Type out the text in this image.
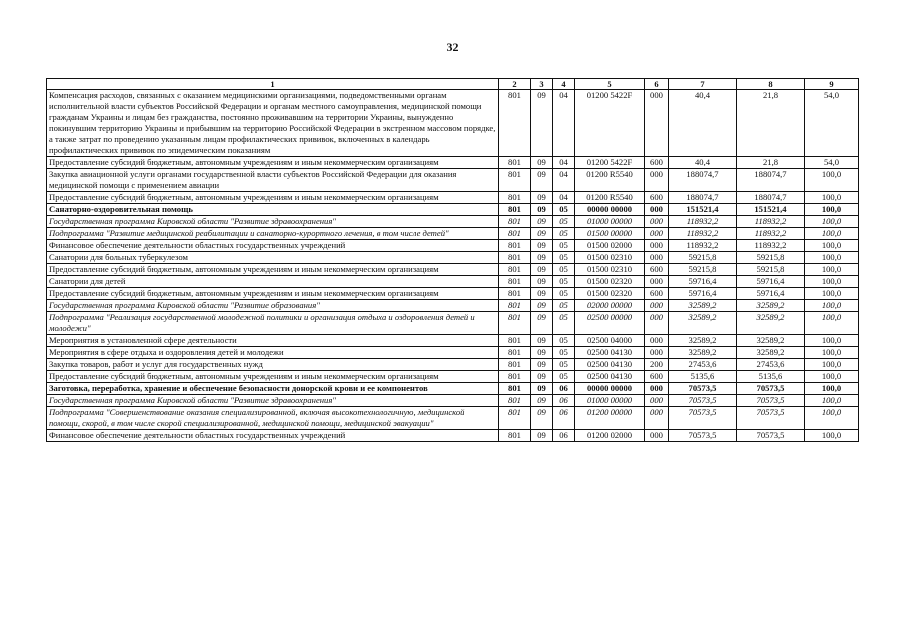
32
1	2	3	4	5	6	7	8	9
Компенсация расходов, связанных с оказанием медицинскими организациями, подведомственными органам исполнительной власти субъектов Российской Федерации и органам местного самоуправления, медицинской помощи гражданам Украины и лицам без гражданства, постоянно проживавшим на территории Украины, вынужденно покинувшим территорию Украины и прибывшим на территорию Российской Федерации в экстренном массовом порядке, а также затрат по проведению указанным лицам профилактических прививок, включенных в календарь профилактических прививок по эпидемическим показаниям	801	09	04	01200 5422F	000	40,4	21,8	54,0
Предоставление субсидий бюджетным, автономным учреждениям и иным некоммерческим организациям	801	09	04	01200 5422F	600	40,4	21,8	54,0
Закупка авиационной услуги органами государственной власти субъектов Российской Федерации для оказания медицинской помощи с применением авиации	801	09	04	01200 R5540	000	188074,7	188074,7	100,0
Предоставление субсидий бюджетным, автономным учреждениям и иным некоммерческим организациям	801	09	04	01200 R5540	600	188074,7	188074,7	100,0
Санаторно-оздоровительная помощь	801	09	05	00000 00000	000	151521,4	151521,4	100,0
Государственная программа Кировской области "Развитие здравоохранения"	801	09	05	01000 00000	000	118932,2	118932,2	100,0
Подпрограмма "Развитие медицинской реабилитации и санаторно-курортного лечения, в том числе детей"	801	09	05	01500 00000	000	118932,2	118932,2	100,0
Финансовое обеспечение деятельности областных государственных учреждений	801	09	05	01500 02000	000	118932,2	118932,2	100,0
Санатории для больных туберкулезом	801	09	05	01500 02310	000	59215,8	59215,8	100,0
Предоставление субсидий бюджетным, автономным учреждениям и иным некоммерческим организациям	801	09	05	01500 02310	600	59215,8	59215,8	100,0
Санатории для детей	801	09	05	01500 02320	000	59716,4	59716,4	100,0
Предоставление субсидий бюджетным, автономным учреждениям и иным некоммерческим организациям	801	09	05	01500 02320	600	59716,4	59716,4	100,0
Государственная программа Кировской области "Развитие образования"	801	09	05	02000 00000	000	32589,2	32589,2	100,0
Подпрограмма "Реализация государственной молодежной политики и организация отдыха и оздоровления детей и молодежи"	801	09	05	02500 00000	000	32589,2	32589,2	100,0
Мероприятия в установленной сфере деятельности	801	09	05	02500 04000	000	32589,2	32589,2	100,0
Мероприятия в сфере отдыха и оздоровления детей и молодежи	801	09	05	02500 04130	000	32589,2	32589,2	100,0
Закупка товаров, работ и услуг для государственных нужд	801	09	05	02500 04130	200	27453,6	27453,6	100,0
Предоставление субсидий бюджетным, автономным учреждениям и иным некоммерческим организациям	801	09	05	02500 04130	600	5135,6	5135,6	100,0
Заготовка, переработка, хранение и обеспечение безопасности донорской крови и ее компонентов	801	09	06	00000 00000	000	70573,5	70573,5	100,0
Государственная программа Кировской области "Развитие здравоохранения"	801	09	06	01000 00000	000	70573,5	70573,5	100,0
Подпрограмма "Совершенствование оказания специализированной, включая высокотехнологичную, медицинской помощи, скорой, в том числе скорой специализированной, медицинской помощи, медицинской эвакуации"	801	09	06	01200 00000	000	70573,5	70573,5	100,0
Финансовое обеспечение деятельности областных государственных учреждений	801	09	06	01200 02000	000	70573,5	70573,5	100,0
